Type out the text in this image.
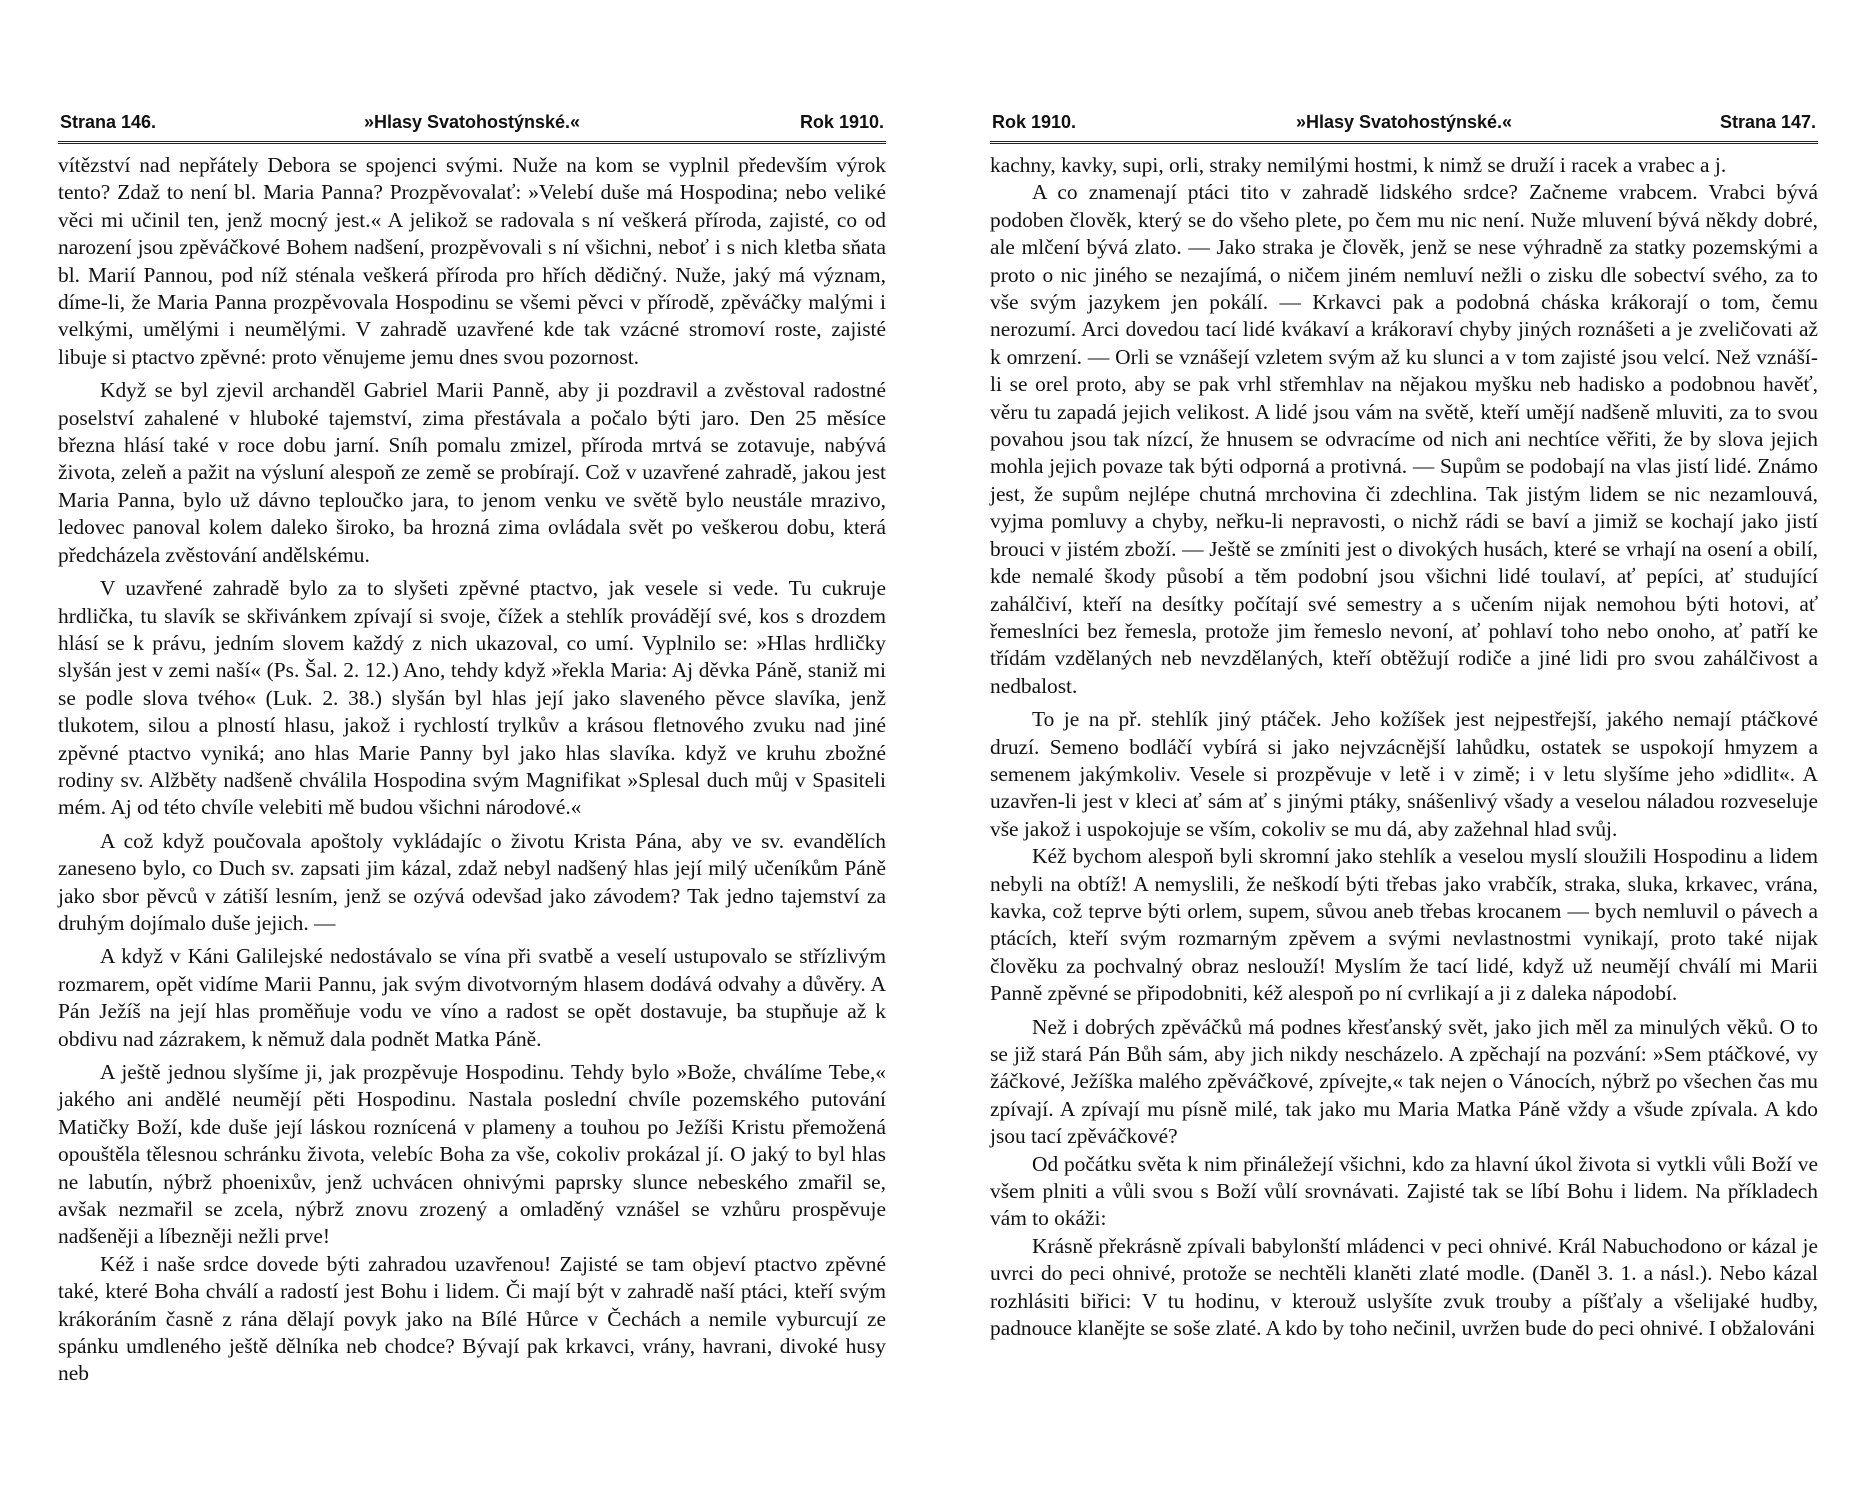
Strana 146.	»Hlasy Svatohostýnské.«	Rok 1910.

vítězství nad nepřátely Debora se spojenci svými. Nuže na kom se vyplnil především výrok tento? Zdaž to není bl. Maria Panna? Prozpěvovalať: »Velebí duše má Hospodina; nebo veliké věci mi učinil ten, jenž mocný jest.« A jelikož se radovala s ní veškerá příroda, zajisté, co od narození jsou zpěváčkové Bohem nadšení, prozpěvovali s ní všichni, neboť i s nich kletba sňata bl. Marií Pannou, pod níž sténala veškerá příroda pro hřích dědičný. Nuže, jaký má význam, díme-li, že Maria Panna prozpěvovala Hospodinu se všemi pěvci v přírodě, zpěváčky malými i velkými, umělými i neumělými. V zahradě uzavřené kde tak vzácné stromoví roste, zajisté libuje si ptactvo zpěvné: proto věnujeme jemu dnes svou pozornost.

Když se byl zjevil archanděl Gabriel Marii Panně, aby ji pozdravil a zvěstoval radostné poselství zahalené v hluboké tajemství, zima přestávala a počalo býti jaro. Den 25 měsíce března hlásí také v roce dobu jarní. Sníh pomalu zmizel, příroda mrtvá se zotavuje, nabývá života, zeleň a pažit na výsluní alespoň ze země se probírají. Což v uzavřené zahradě, jakou jest Maria Panna, bylo už dávno teploučko jara, to jenom venku ve světě bylo neustále mrazivo, ledovec panoval kolem daleko široko, ba hrozná zima ovládala svět po veškerou dobu, která předcházela zvěstování andělskému.

V uzavřené zahradě bylo za to slyšeti zpěvné ptactvo, jak vesele si vede. Tu cukruje hrdlička, tu slavík se skřivánkem zpívají si svoje, čížek a stehlík provádějí své, kos s drozdem hlásí se k právu, jedním slovem každý z nich ukazoval, co umí. Vyplnilo se: »Hlas hrdličky slyšán jest v zemi naší« (Ps. Šal. 2. 12.) Ano, tehdy když »řekla Maria: Aj děvka Páně, staniž mi se podle slova tvého« (Luk. 2. 38.) slyšán byl hlas její jako slaveného pěvce slavíka, jenž tlukotem, silou a plností hlasu, jakož i rychlostí trylkův a krásou fletnového zvuku nad jiné zpěvné ptactvo vyniká; ano hlas Marie Panny byl jako hlas slavíka. když ve kruhu zbožné rodiny sv. Alžběty nadšeně chválila Hospodina svým Magnifikat »Splesal duch můj v Spasiteli mém. Aj od této chvíle velebiti mě budou všichni národové.«

A což když poučovala apoštoly vykládajíc o životu Krista Pána, aby ve sv. evandělích zaneseno bylo, co Duch sv. zapsati jim kázal, zdaž nebyl nadšený hlas její milý učeníkům Páně jako sbor pěvců v zátiší lesním, jenž se ozývá odevšad jako závodem? Tak jedno tajemství za druhým dojímalo duše jejich. —

A když v Káni Galilejské nedostávalo se vína při svatbě a veselí ustupovalo se střízlivým rozmarem, opět vidíme Marii Pannu, jak svým divotvorným hlasem dodává odvahy a důvěry. A Pán Ježíš na její hlas proměňuje vodu ve víno a radost se opět dostavuje, ba stupňuje až k obdivu nad zázrakem, k němuž dala podnět Matka Páně.

A ještě jednou slyšíme ji, jak prozpěvuje Hospodinu. Tehdy bylo »Bože, chválíme Tebe,« jakého ani andělé neumějí pěti Hospodinu. Nastala poslední chvíle pozemského putování Matičky Boží, kde duše její láskou roznícená v plameny a touhou po Ježíši Kristu přemožená opouštěla tělesnou schránku života, velebíc Boha za vše, cokoliv prokázal jí. O jaký to byl hlas ne labutín, nýbrž phoenixův, jenž uchvácen ohnivými paprsky slunce nebeského zmařil se, avšak nezmařil se zcela, nýbrž znovu zrozený a omladěný vznášel se vzhůru prospěvuje nadšeněji a líbezněji nežli prve!

Kéž i naše srdce dovede býti zahradou uzavřenou! Zajisté se tam objeví ptactvo zpěvné také, které Boha chválí a radostí jest Bohu i lidem. Či mají být v zahradě naší ptáci, kteří svým krákoráním časně z rána dělají povyk jako na Bílé Hůrce v Čechách a nemile vyburcují ze spánku umdleného ještě dělníka neb chodce? Bývají pak krkavci, vrány, havrani, divoké husy neb

Rok 1910.	»Hlasy Svatohostýnské.«	Strana 147.

kachny, kavky, supi, orli, straky nemilými hostmi, k nimž se druží i racek a vrabec a j.

A co znamenají ptáci tito v zahradě lidského srdce? Začneme vrabcem. Vrabci bývá podoben člověk, který se do všeho plete, po čem mu nic není. Nuže mluvení bývá někdy dobré, ale mlčení bývá zlato. — Jako straka je člověk, jenž se nese výhradně za statky pozemskými a proto o nic jiného se nezajímá, o ničem jiném nemluví nežli o zisku dle sobectví svého, za to vše svým jazykem jen pokálí. — Krkavci pak a podobná cháska krákorají o tom, čemu nerozumí. Arci dovedou tací lidé kvákaví a krákoraví chyby jiných roznášeti a je zveličovati až k omrzení. — Orli se vznášejí vzletem svým až ku slunci a v tom zajisté jsou velcí. Než vznáší-li se orel proto, aby se pak vrhl střemhlav na nějakou myšku neb hadisko a podobnou havěť, věru tu zapadá jejich velikost. A lidé jsou vám na světě, kteří umějí nadšeně mluviti, za to svou povahou jsou tak nízcí, že hnusem se odvracíme od nich ani nechtíce věřiti, že by slova jejich mohla jejich povaze tak býti odporná a protivná. — Supům se podobají na vlas jistí lidé. Známo jest, že supům nejlépe chutná mrchovina či zdechlina. Tak jistým lidem se nic nezamlouvá, vyjma pomluvy a chyby, neřku-li nepravosti, o nichž rádi se baví a jimiž se kochají jako jistí brouci v jistém zboží. — Ještě se zmíniti jest o divokých husách, které se vrhají na osení a obilí, kde nemalé škody působí a těm podobní jsou všichni lidé toulaví, ať pepíci, ať studující zahálčiví, kteří na desítky počítají své semestry a s učením nijak nemohou býti hotovi, ať řemeslníci bez řemesla, protože jim řemeslo nevoní, ať pohlaví toho nebo onoho, ať patří ke třídám vzdělaných neb nevzdělaných, kteří obtěžují rodiče a jiné lidi pro svou zahálčivost a nedbalost.

To je na př. stehlík jiný ptáček. Jeho kožíšek jest nejpestřejší, jakého nemají ptáčkové druzí. Semeno bodláčí vybírá si jako nejvzácnější lahůdku, ostatek se uspokojí hmyzem a semenem jakýmkoliv. Vesele si prozpěvuje v letě i v zimě; i v letu slyšíme jeho »didlit«. A uzavřen-li jest v kleci ať sám ať s jinými ptáky, snášenlivý všady a veselou náladou rozveseluje vše jakož i uspokojuje se vším, cokoliv se mu dá, aby zažehnal hlad svůj.

Kéž bychom alespoň byli skromní jako stehlík a veselou myslí sloužili Hospodinu a lidem nebyli na obtíž! A nemyslili, že neškodí býti třebas jako vrabčík, straka, sluka, krkavec, vrána, kavka, což teprve býti orlem, supem, sůvou aneb třebas krocanem — bych nemluvil o pávech a ptácích, kteří svým rozmarným zpěvem a svými nevlastnostmi vynikají, proto také nijak člověku za pochvalný obraz neslouží! Myslím že tací lidé, když už neumějí chválí mi Marii Panně zpěvné se připodobniti, kéž alespoň po ní cvrlikají a ji z daleka nápodobí.

Než i dobrých zpěváčků má podnes křesťanský svět, jako jich měl za minulých věků. O to se již stará Pán Bůh sám, aby jich nikdy nescházelo. A zpěchají na pozvání: »Sem ptáčkové, vy žáčkové, Ježíška malého zpěváčkové, zpívejte,« tak nejen o Vánocích, nýbrž po všechen čas mu zpívají. A zpívají mu písně milé, tak jako mu Maria Matka Páně vždy a všude zpívala. A kdo jsou tací zpěváčkové?

Od počátku světa k nim přináležejí všichni, kdo za hlavní úkol života si vytkli vůli Boží ve všem plniti a vůli svou s Boží vůlí srovnávati. Zajisté tak se líbí Bohu i lidem. Na příkladech vám to okáži:

Krásně překrásně zpívali babylonští mládenci v peci ohnivé. Král Nabuchodono or kázal je uvrci do peci ohnivé, protože se nechtěli klaněti zlaté modle. (Daněl 3. 1. a násl.). Nebo kázal rozhlásiti biřici: V tu hodinu, v kterouž uslyšíte zvuk trouby a píšťaly a všelijaké hudby, padnouce klanějte se soše zlaté. A kdo by toho nečinil, uvržen bude do peci ohnivé. I obžalováni
